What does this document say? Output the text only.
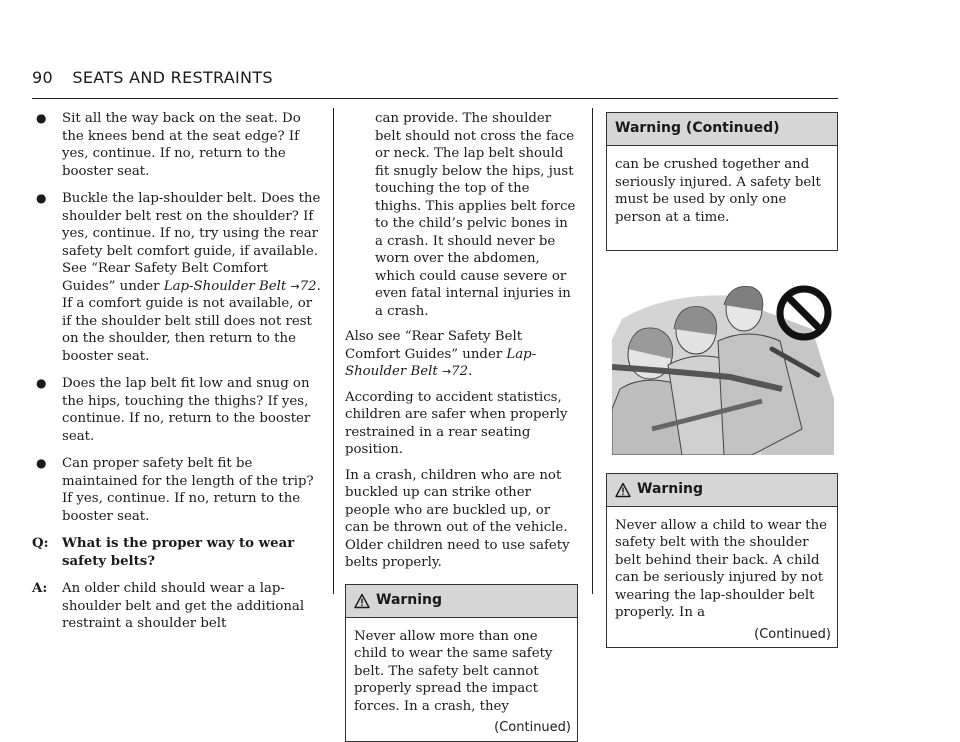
90 SEATS AND RESTRAINTS
● Sit all the way back on the seat. Do the knees bend at the seat edge? If yes, continue. If no, return to the booster seat.
● Buckle the lap-shoulder belt. Does the shoulder belt rest on the shoulder? If yes, continue. If no, try using the rear safety belt comfort guide, if available. See “Rear Safety Belt Comfort Guides” under Lap-Shoulder Belt →72. If a comfort guide is not available, or if the shoulder belt still does not rest on the shoulder, then return to the booster seat.
● Does the lap belt fit low and snug on the hips, touching the thighs? If yes, continue. If no, return to the booster seat.
● Can proper safety belt fit be maintained for the length of the trip? If yes, continue. If no, return to the booster seat.
Q: What is the proper way to wear safety belts?
A: An older child should wear a lap-shoulder belt and get the additional restraint a shoulder belt
can provide. The shoulder belt should not cross the face or neck. The lap belt should fit snugly below the hips, just touching the top of the thighs. This applies belt force to the child’s pelvic bones in a crash. It should never be worn over the abdomen, which could cause severe or even fatal internal injuries in a crash.

Also see “Rear Safety Belt Comfort Guides” under Lap-Shoulder Belt →72.

According to accident statistics, children are safer when properly restrained in a rear seating position.

In a crash, children who are not buckled up can strike other people who are buckled up, or can be thrown out of the vehicle. Older children need to use safety belts properly.

Warning
Never allow more than one child to wear the same safety belt. The safety belt cannot properly spread the impact forces. In a crash, they
(Continued)
Warning (Continued)
can be crushed together and seriously injured. A safety belt must be used by only one person at a time.
Warning
Never allow a child to wear the safety belt with the shoulder belt behind their back. A child can be seriously injured by not wearing the lap-shoulder belt properly. In a
(Continued)
